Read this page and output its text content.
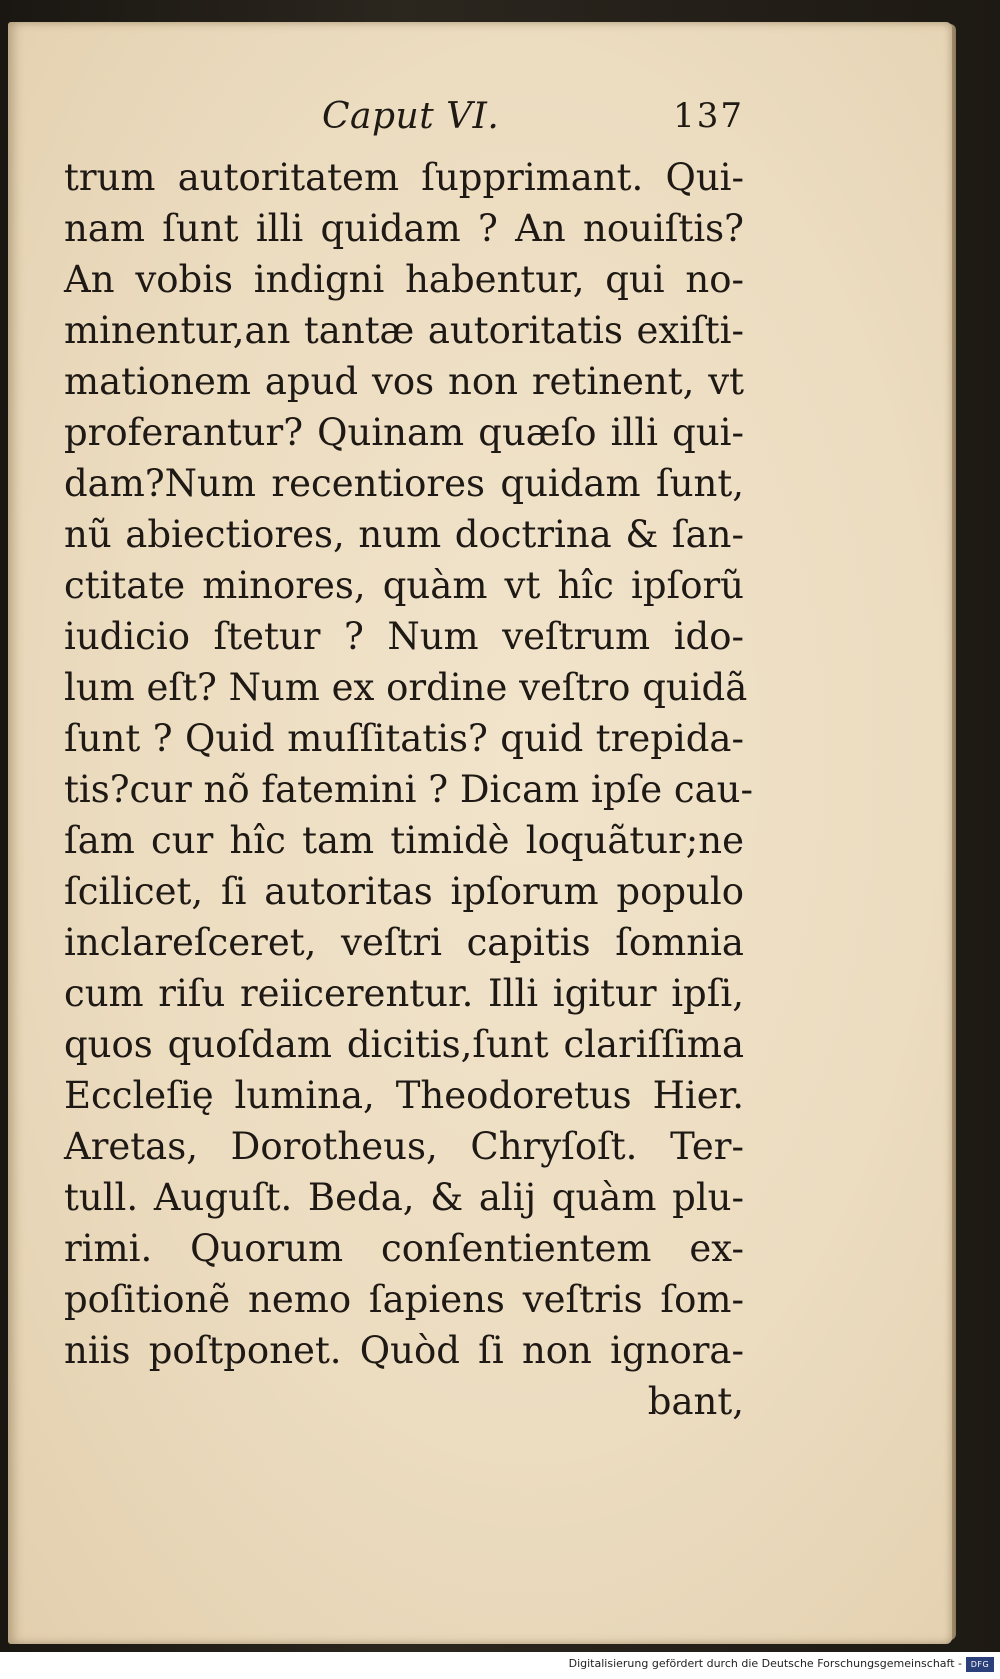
Caput VI.	137
trum autoritatem ſupprimant. Qui-
nam ſunt illi quidam ? An nouiſtis?
An vobis indigni habentur, qui no-
minentur,an tantæ autoritatis exiſti-
mationem apud vos non retinent, vt
proferantur? Quinam quæſo illi qui-
dam?Num recentiores quidam ſunt,
nũ abiectiores, num doctrina & ſan-
ctitate minores, quàm vt hîc ipſorũ
iudicio ſtetur ? Num veſtrum ido-
lum eſt? Num ex ordine veſtro quidã
ſunt ? Quid muſſitatis? quid trepida-
tis?cur nõ fatemini ? Dicam ipſe cau-
ſam cur hîc tam timidè loquãtur;ne
ſcilicet, ſi autoritas ipſorum populo
inclareſceret, veſtri capitis ſomnia
cum riſu reiicerentur. Illi igitur ipſi,
quos quoſdam dicitis,ſunt clariſſima
Eccleſię lumina, Theodoretus Hier.
Aretas, Dorotheus, Chryſoſt. Ter-
tull. Auguſt. Beda, & alij quàm plu-
rimi. Quorum conſentientem ex-
poſitionẽ nemo ſapiens veſtris ſom-
niis poſtponet. Quòd ſi non ignora-
bant,
Digitalisierung gefördert durch die Deutsche Forschungsgemeinschaft -	DFG
